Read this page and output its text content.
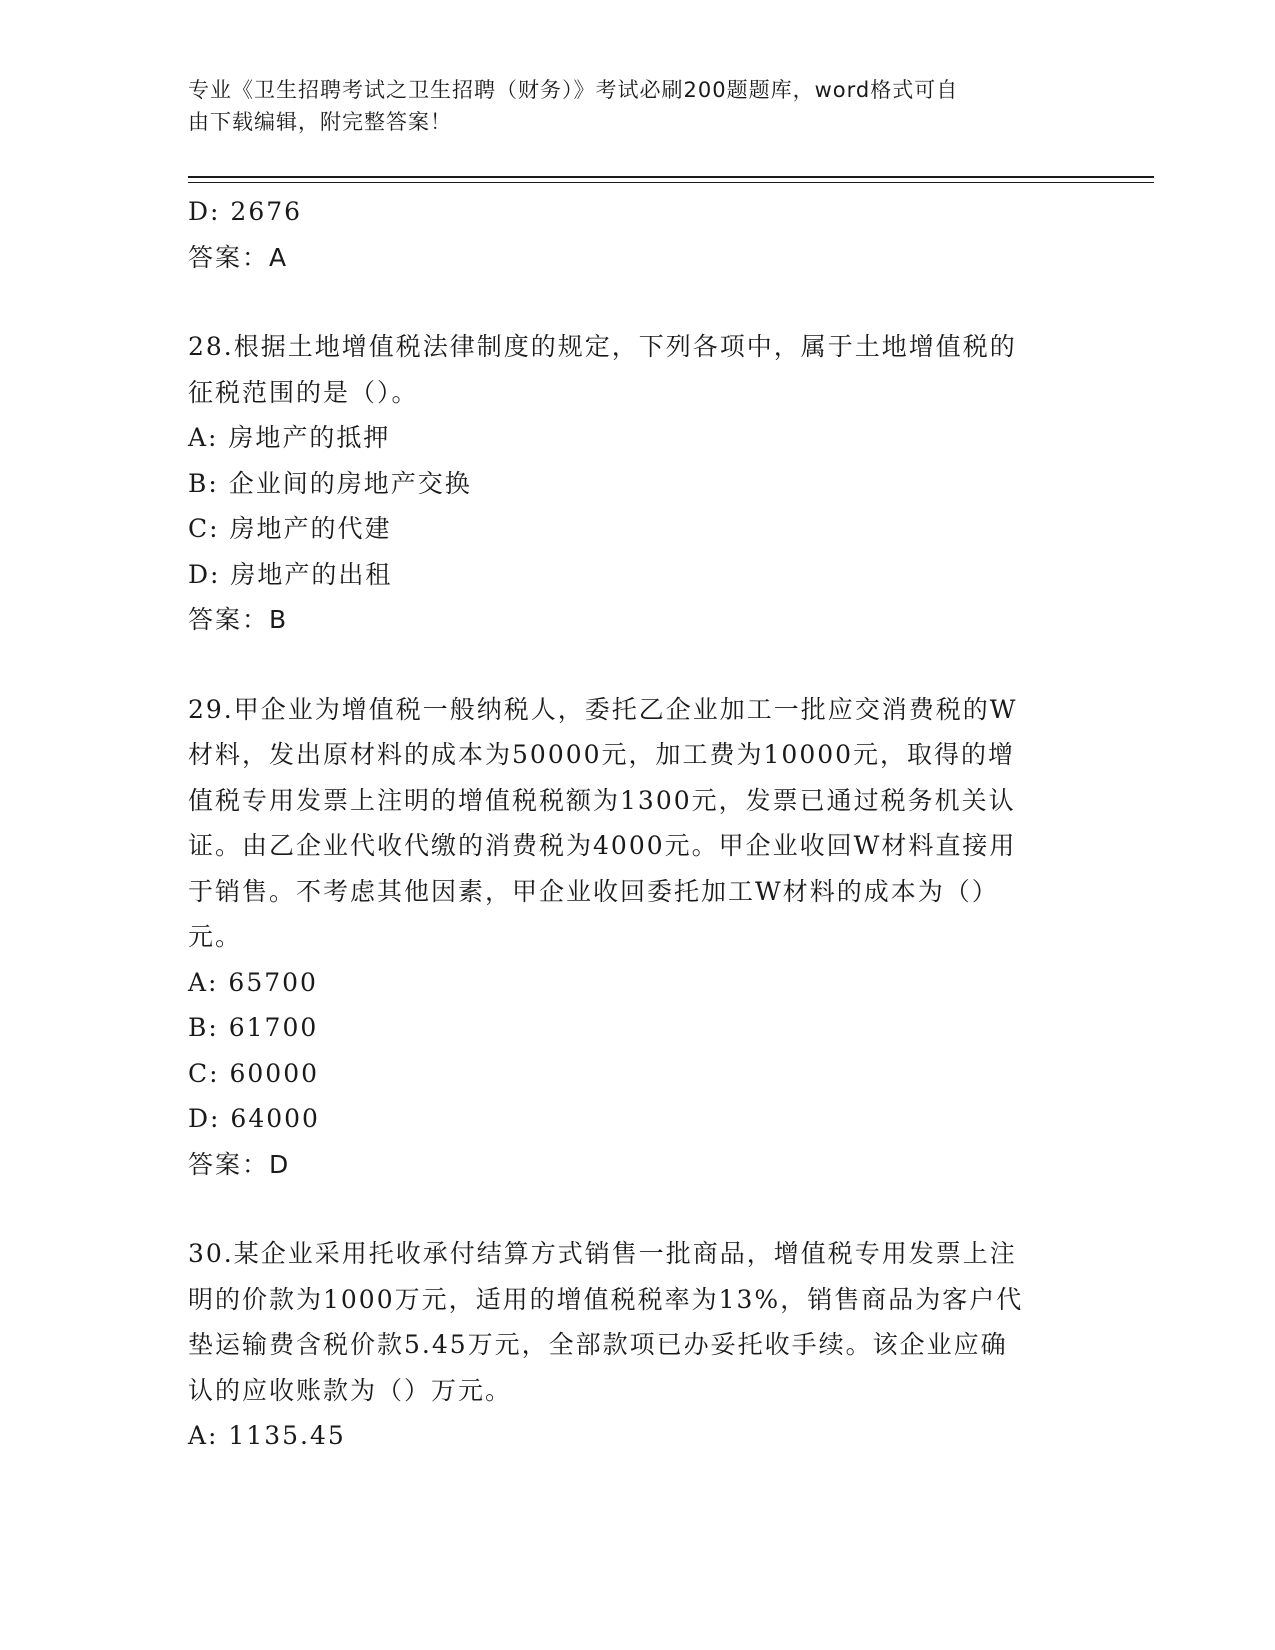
专业《卫生招聘考试之卫生招聘（财务）》考试必刷200题题库，word格式可自
由下载编辑，附完整答案！
D: 2676
答案：A
28.根据土地增值税法律制度的规定，下列各项中，属于土地增值税的
征税范围的是（）。
A: 房地产的抵押
B: 企业间的房地产交换
C: 房地产的代建
D: 房地产的出租
答案：B
29.甲企业为增值税一般纳税人，委托乙企业加工一批应交消费税的W
材料，发出原材料的成本为50000元，加工费为10000元，取得的增
值税专用发票上注明的增值税税额为1300元，发票已通过税务机关认
证。由乙企业代收代缴的消费税为4000元。甲企业收回W材料直接用
于销售。不考虑其他因素，甲企业收回委托加工W材料的成本为（）
元。
A: 65700
B: 61700
C: 60000
D: 64000
答案：D
30.某企业采用托收承付结算方式销售一批商品，增值税专用发票上注
明的价款为1000万元，适用的增值税税率为13%，销售商品为客户代
垫运输费含税价款5.45万元，全部款项已办妥托收手续。该企业应确
认的应收账款为（）万元。
A: 1135.45
